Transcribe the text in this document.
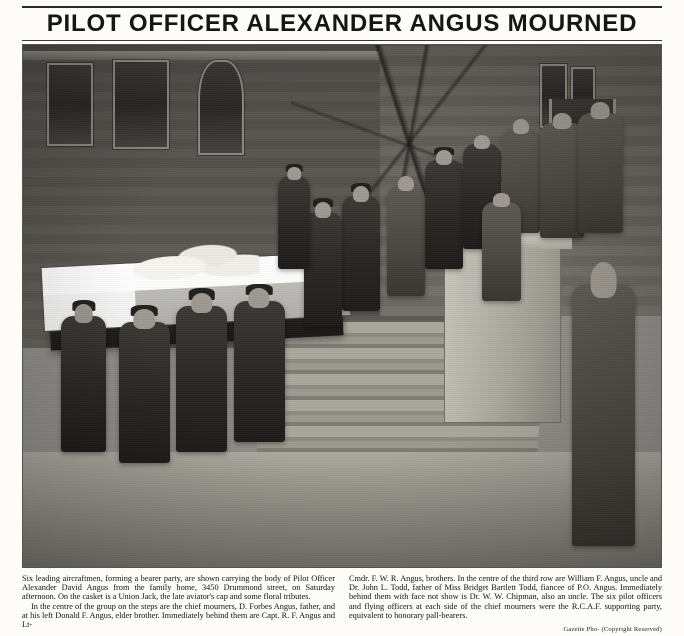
PILOT OFFICER ALEXANDER ANGUS MOURNED

Six leading aircraftmen, forming a bearer party, are shown carrying the body of Pilot Officer Alexander David Angus from the family home, 3450 Drummond street, on Saturday afternoon. On the casket is a Union Jack, the late aviator's cap and some floral tributes.

In the centre of the group on the steps are the chief mourners, D. Forbes Angus, father, and at his left Donald F. Angus, elder brother. Immediately behind them are Capt. R. F. Angus and Lt-

Cmdr. F. W. R. Angus, brothers. In the centre of the third row are William F. Angus, uncle and Dr. John L. Todd, father of Miss Bridget Bartlett Todd, fiancee of P.O. Angus. Immediately behind them with face not show is Dr. W. W. Chipman, also an uncle. The six pilot officers and flying officers at each side of the chief mourners were the R.C.A.F. supporting party, equivalent to honorary pall-bearers.

Gazette Pho- (Copyright Reserved)
